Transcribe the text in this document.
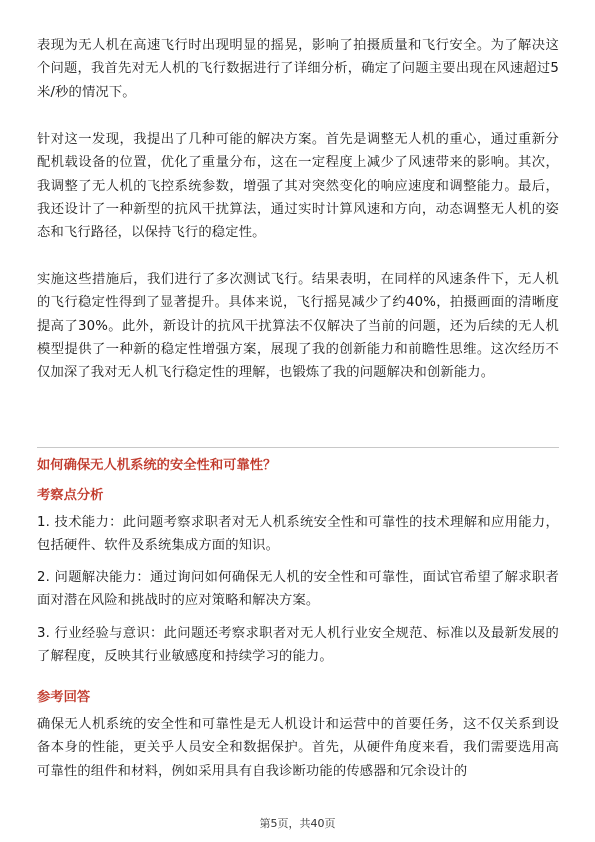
表现为无人机在高速飞行时出现明显的摇晃，影响了拍摄质量和飞行安全。为了解决这个问题，我首先对无人机的飞行数据进行了详细分析，确定了问题主要出现在风速超过5米/秒的情况下。

针对这一发现，我提出了几种可能的解决方案。首先是调整无人机的重心，通过重新分配机载设备的位置，优化了重量分布，这在一定程度上减少了风速带来的影响。其次，我调整了无人机的飞控系统参数，增强了其对突然变化的响应速度和调整能力。最后，我还设计了一种新型的抗风干扰算法，通过实时计算风速和方向，动态调整无人机的姿态和飞行路径，以保持飞行的稳定性。

实施这些措施后，我们进行了多次测试飞行。结果表明，在同样的风速条件下，无人机的飞行稳定性得到了显著提升。具体来说，飞行摇晃减少了约40%，拍摄画面的清晰度提高了30%。此外，新设计的抗风干扰算法不仅解决了当前的问题，还为后续的无人机模型提供了一种新的稳定性增强方案，展现了我的创新能力和前瞻性思维。这次经历不仅加深了我对无人机飞行稳定性的理解，也锻炼了我的问题解决和创新能力。

如何确保无人机系统的安全性和可靠性？

考察点分析

1. 技术能力：此问题考察求职者对无人机系统安全性和可靠性的技术理解和应用能力，包括硬件、软件及系统集成方面的知识。

2. 问题解决能力：通过询问如何确保无人机的安全性和可靠性，面试官希望了解求职者面对潜在风险和挑战时的应对策略和解决方案。

3. 行业经验与意识：此问题还考察求职者对无人机行业安全规范、标准以及最新发展的了解程度，反映其行业敏感度和持续学习的能力。

参考回答

确保无人机系统的安全性和可靠性是无人机设计和运营中的首要任务，这不仅关系到设备本身的性能，更关乎人员安全和数据保护。首先，从硬件角度来看，我们需要选用高可靠性的组件和材料，例如采用具有自我诊断功能的传感器和冗余设计的

第5页，共40页
